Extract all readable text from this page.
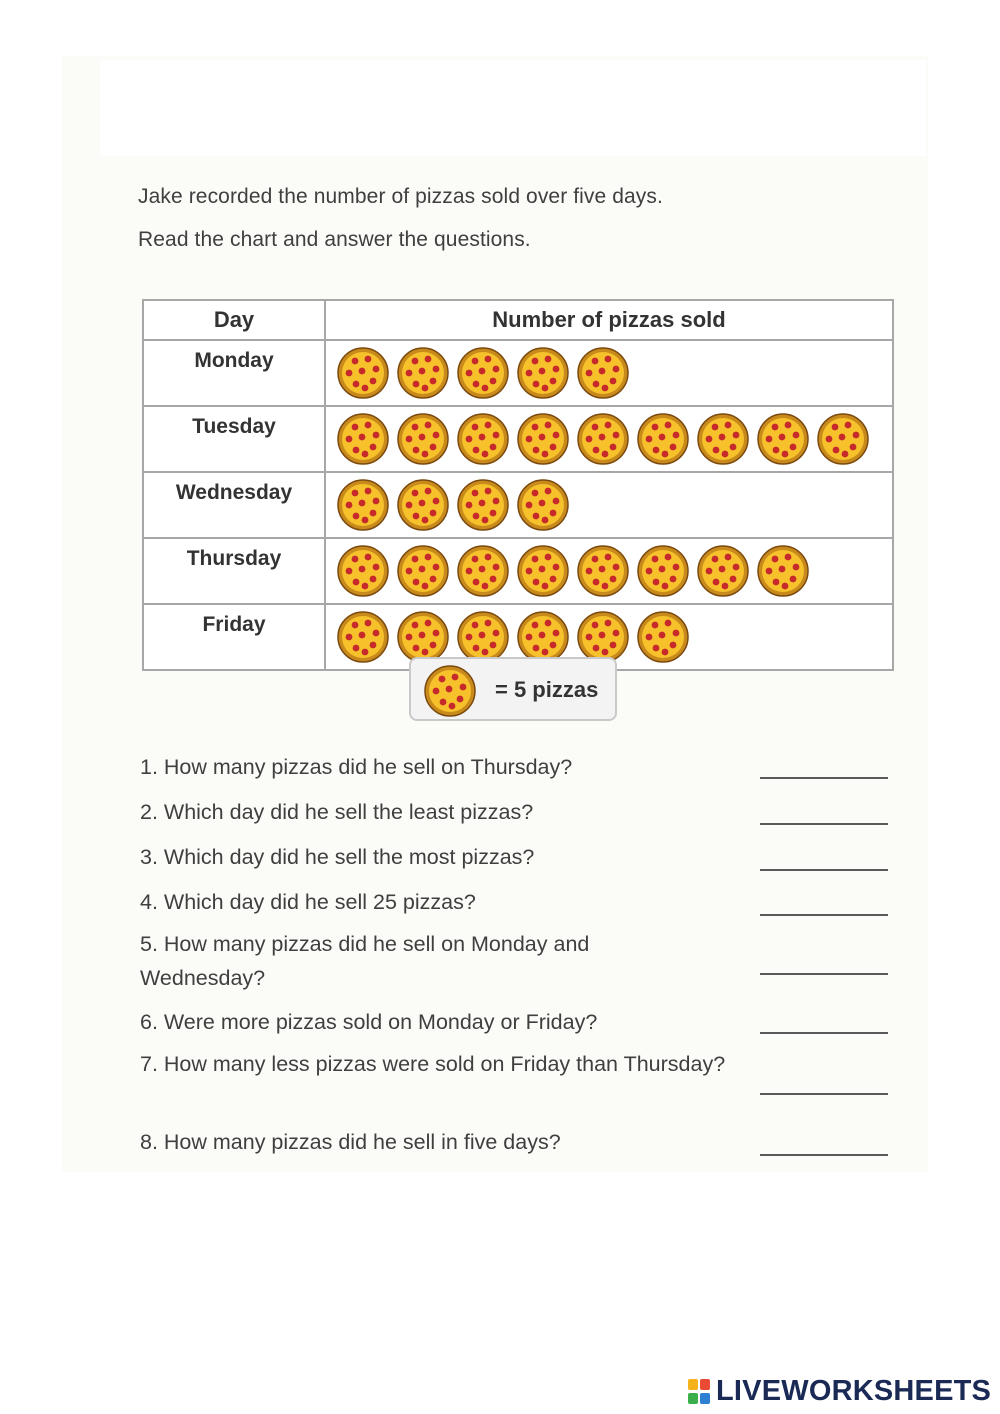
Jake recorded the number of pizzas sold over five days.
Read the chart and answer the questions.
Day	Number of pizzas sold
Monday	

Tuesday	

Wednesday	

Thursday	

Friday	
= 5 pizzas
1. How many pizzas did he sell on Thursday?
2. Which day did he sell the least pizzas?
3. Which day did he sell the most pizzas?
4. Which day did he sell 25 pizzas?
5. How many pizzas did he sell on Monday and Wednesday?
6. Were more pizzas sold on Monday or Friday?
7. How many less pizzas were sold on Friday than Thursday?
8. How many pizzas did he sell in five days?
LIVEWORKSHEETS
